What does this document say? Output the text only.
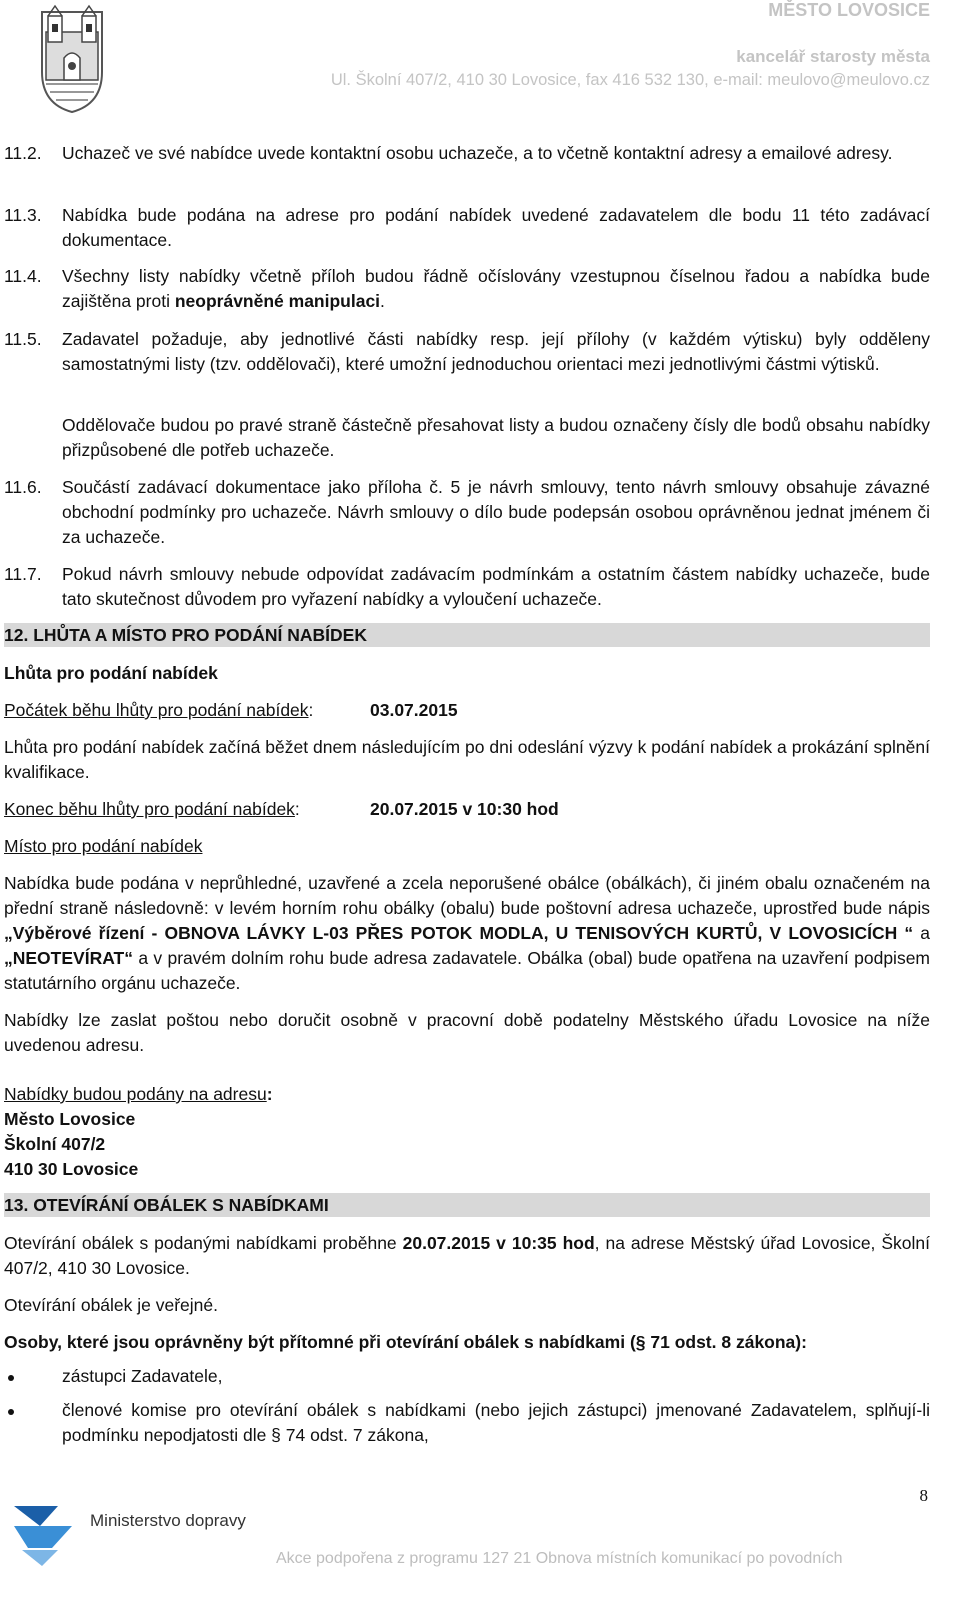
MĚSTO LOVOSICE
kancelář starosty města
Ul. Školní 407/2, 410 30 Lovosice, fax 416 532 130, e-mail: meulovo@meulovo.cz
11.2. Uchazeč ve své nabídce uvede kontaktní osobu uchazeče, a to včetně kontaktní adresy a emailové adresy.
11.3. Nabídka bude podána na adrese pro podání nabídek uvedené zadavatelem dle bodu 11 této zadávací dokumentace.
11.4. Všechny listy nabídky včetně příloh budou řádně očíslovány vzestupnou číselnou řadou a nabídka bude zajištěna proti neoprávněné manipulaci.
11.5. Zadavatel požaduje, aby jednotlivé části nabídky resp. její přílohy (v každém výtisku) byly odděleny samostatnými listy (tzv. oddělovači), které umožní jednoduchou orientaci mezi jednotlivými částmi výtisků.
Oddělovače budou po pravé straně částečně přesahovat listy a budou označeny čísly dle bodů obsahu nabídky přizpůsobené dle potřeb uchazeče.
11.6. Součástí zadávací dokumentace jako příloha č. 5 je návrh smlouvy, tento návrh smlouvy obsahuje závazné obchodní podmínky pro uchazeče. Návrh smlouvy o dílo bude podepsán osobou oprávněnou jednat jménem či za uchazeče.
11.7. Pokud návrh smlouvy nebude odpovídat zadávacím podmínkám a ostatním částem nabídky uchazeče, bude tato skutečnost důvodem pro vyřazení nabídky a vyloučení uchazeče.
12. LHŮTA A MÍSTO PRO PODÁNÍ NABÍDEK
Lhůta pro podání nabídek
Počátek běhu lhůty pro podání nabídek:	03.07.2015
Lhůta pro podání nabídek začíná běžet dnem následujícím po dni odeslání výzvy k podání nabídek a prokázání splnění kvalifikace.
Konec běhu lhůty pro podání nabídek:	20.07.2015 v 10:30 hod
Místo pro podání nabídek
Nabídka bude podána v neprůhledné, uzavřené a zcela neporušené obálce (obálkách), či jiném obalu označeném na přední straně následovně: v levém horním rohu obálky (obalu) bude poštovní adresa uchazeče, uprostřed bude nápis „Výběrové řízení - OBNOVA LÁVKY L-03 PŘES POTOK MODLA, U TENISOVÝCH KURTŮ, V LOVOSICÍCH “ a „NEOTEVÍRAT“ a v pravém dolním rohu bude adresa zadavatele. Obálka (obal) bude opatřena na uzavření podpisem statutárního orgánu uchazeče.
Nabídky lze zaslat poštou nebo doručit osobně v pracovní době podatelny Městského úřadu Lovosice na níže uvedenou adresu.
Nabídky budou podány na adresu:
Město Lovosice
Školní 407/2
410 30 Lovosice
13. OTEVÍRÁNÍ OBÁLEK S NABÍDKAMI
Otevírání obálek s podanými nabídkami proběhne 20.07.2015 v 10:35 hod, na adrese Městský úřad Lovosice, Školní 407/2, 410 30 Lovosice.
Otevírání obálek je veřejné.
Osoby, které jsou oprávněny být přítomné při otevírání obálek s nabídkami (§ 71 odst. 8 zákona):
zástupci Zadavatele,
členové komise pro otevírání obálek s nabídkami (nebo jejich zástupci) jmenované Zadavatelem, splňují-li podmínku nepodjatosti dle § 74 odst. 7 zákona,
8
Ministerstvo dopravy
Akce podpořena z programu 127 21 Obnova místních komunikací po povodních
